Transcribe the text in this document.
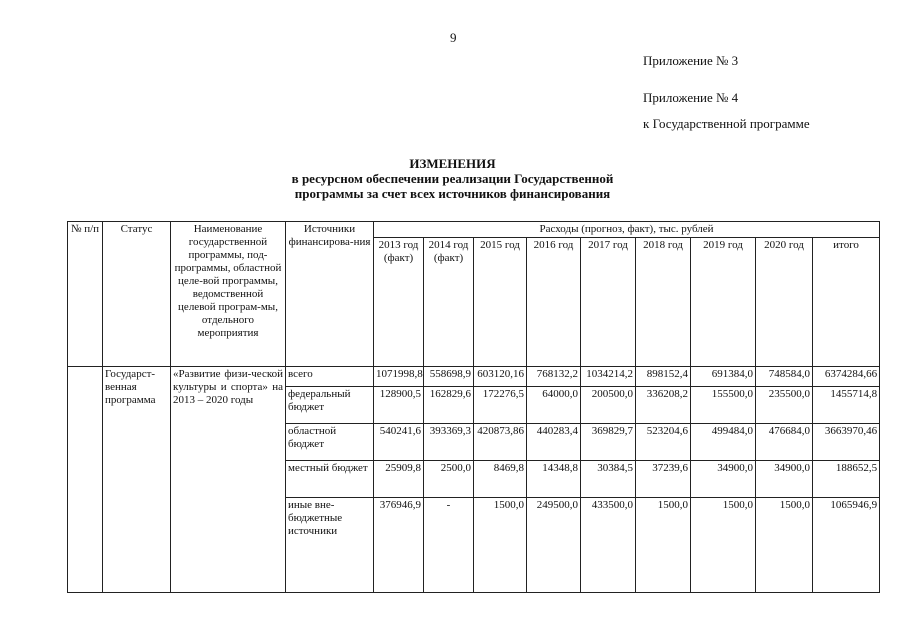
9
Приложение № 3
Приложение № 4
к Государственной программе
ИЗМЕНЕНИЯ
в ресурсном обеспечении реализации Государственной
программы за счет всех источников финансирования
№ п/п	Статус	Наименование государственной программы, под-программы, областной целе-вой программы, ведомственной целевой програм-мы, отдельного мероприятия	Источники финансирова-ния	Расходы (прогноз, факт), тыс. рублей								
				2013 год (факт)	2014 год (факт)	2015 год	2016 год	2017 год	2018 год	2019 год	2020 год	итого
	Государст-венная программа	«Развитие физи-ческой культуры и спорта» на 2013 – 2020 годы	всего	1071998,8	558698,9	603120,16	768132,2	1034214,2	898152,4	691384,0	748584,0	6374284,66
			федеральный бюджет	128900,5	162829,6	172276,5	64000,0	200500,0	336208,2	155500,0	235500,0	1455714,8
			областной бюджет	540241,6	393369,3	420873,86	440283,4	369829,7	523204,6	499484,0	476684,0	3663970,46
			местный бюджет	25909,8	2500,0	8469,8	14348,8	30384,5	37239,6	34900,0	34900,0	188652,5
			иные вне-бюджетные источники	376946,9	-	1500,0	249500,0	433500,0	1500,0	1500,0	1500,0	1065946,9
